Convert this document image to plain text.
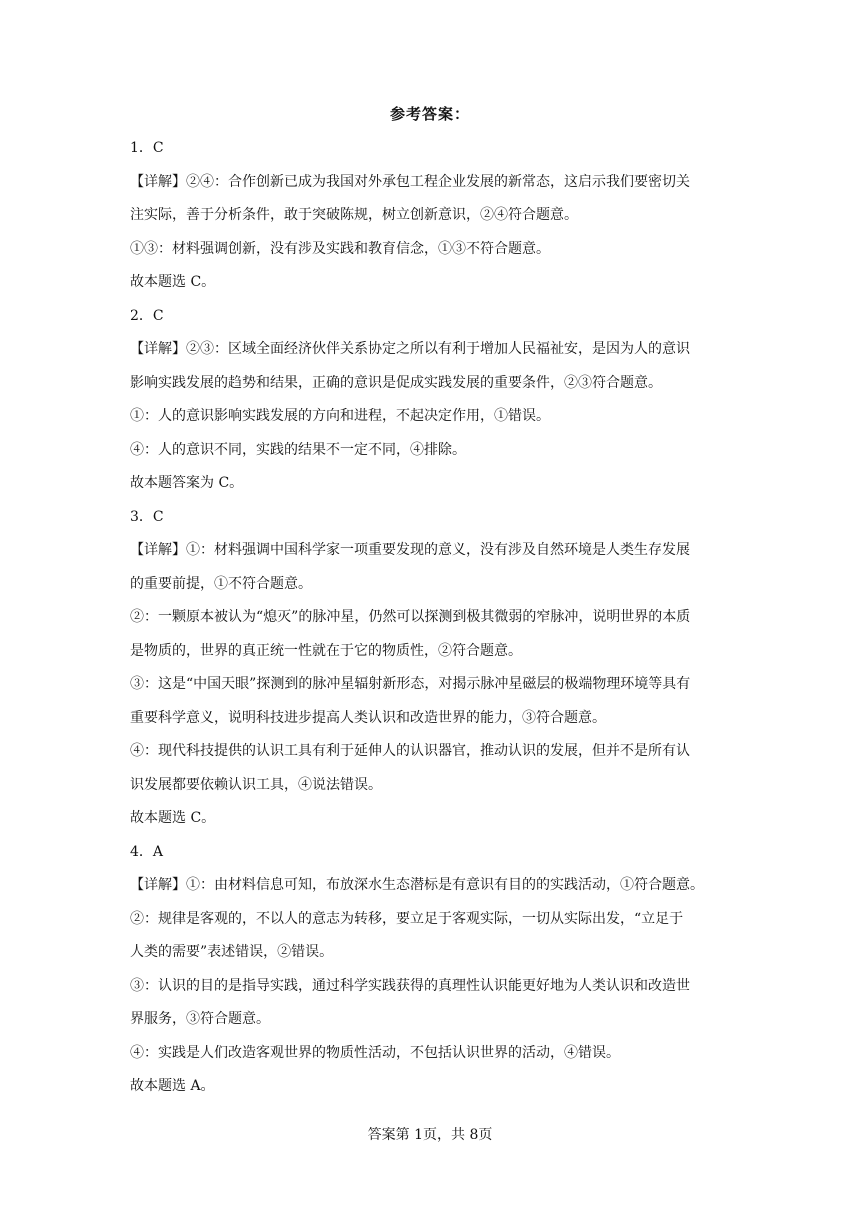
参考答案：
1．C
【详解】②④：合作创新已成为我国对外承包工程企业发展的新常态，这启示我们要密切关
注实际，善于分析条件，敢于突破陈规，树立创新意识，②④符合题意。
①③：材料强调创新，没有涉及实践和教育信念，①③不符合题意。
故本题选 C。
2．C
【详解】②③：区域全面经济伙伴关系协定之所以有利于增加人民福祉安，是因为人的意识
影响实践发展的趋势和结果，正确的意识是促成实践发展的重要条件，②③符合题意。
①：人的意识影响实践发展的方向和进程，不起决定作用，①错误。
④：人的意识不同，实践的结果不一定不同，④排除。
故本题答案为 C。
3．C
【详解】①：材料强调中国科学家一项重要发现的意义，没有涉及自然环境是人类生存发展
的重要前提，①不符合题意。
②：一颗原本被认为“熄灭”的脉冲星，仍然可以探测到极其微弱的窄脉冲，说明世界的本质
是物质的，世界的真正统一性就在于它的物质性，②符合题意。
③：这是“中国天眼”探测到的脉冲星辐射新形态，对揭示脉冲星磁层的极端物理环境等具有
重要科学意义，说明科技进步提高人类认识和改造世界的能力，③符合题意。
④：现代科技提供的认识工具有利于延伸人的认识器官，推动认识的发展，但并不是所有认
识发展都要依赖认识工具，④说法错误。
故本题选 C。
4．A
【详解】①：由材料信息可知，布放深水生态潜标是有意识有目的的实践活动，①符合题意。
②：规律是客观的，不以人的意志为转移，要立足于客观实际，一切从实际出发，“立足于
人类的需要”表述错误，②错误。
③：认识的目的是指导实践，通过科学实践获得的真理性认识能更好地为人类认识和改造世
界服务，③符合题意。
④：实践是人们改造客观世界的物质性活动，不包括认识世界的活动，④错误。
故本题选 A。
答案第 1页，共 8页
